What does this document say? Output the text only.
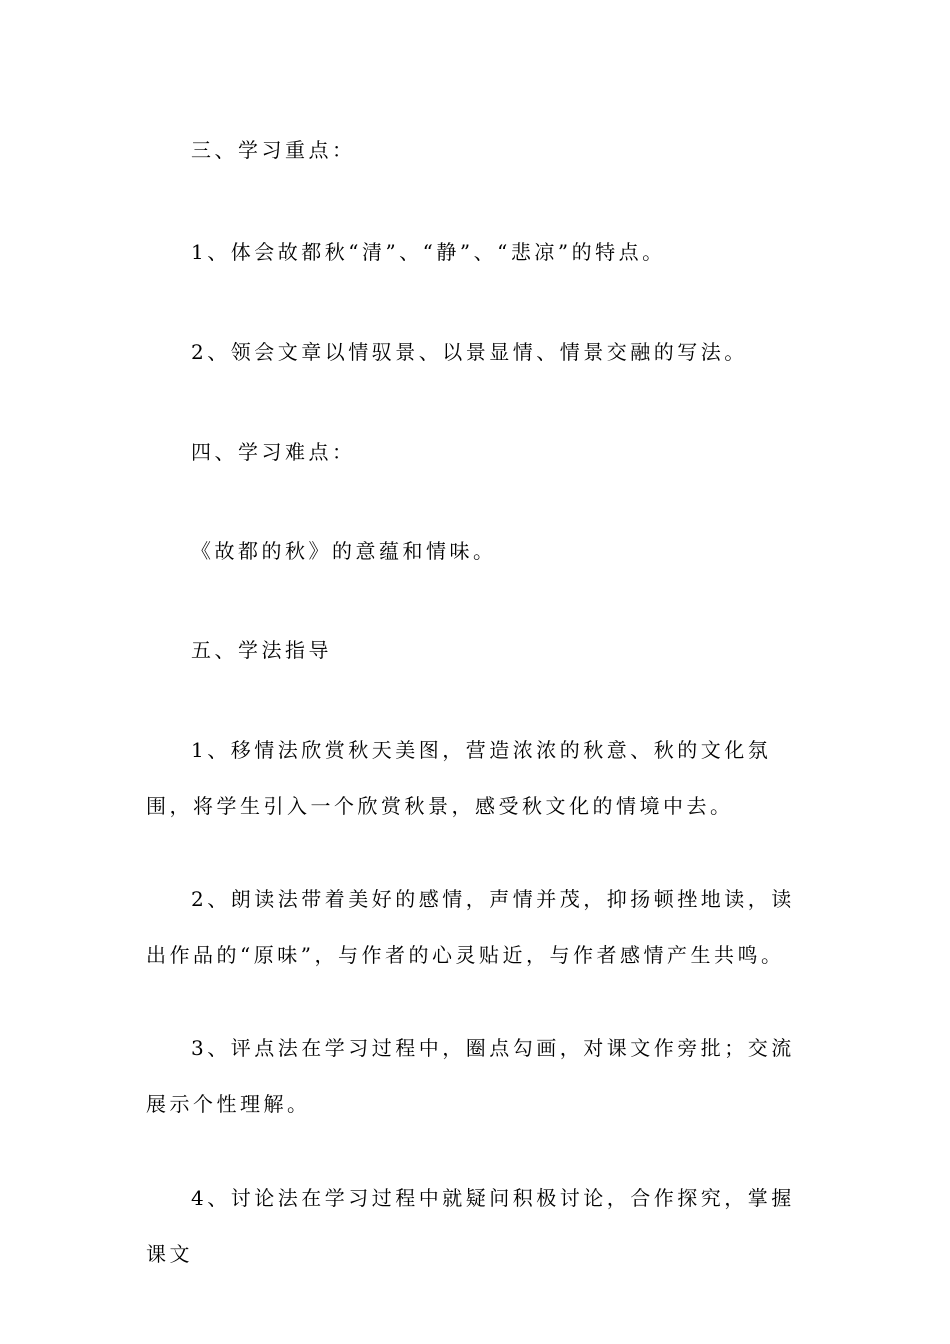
三、学习重点：

1、体会故都秋“清”、“静”、“悲凉”的特点。

2、领会文章以情驭景、以景显情、情景交融的写法。

四、学习难点：

《故都的秋》的意蕴和情味。

五、学法指导

1、移情法欣赏秋天美图，营造浓浓的秋意、秋的文化氛围，将学生引入一个欣赏秋景，感受秋文化的情境中去。

2、朗读法带着美好的感情，声情并茂，抑扬顿挫地读，读出作品的“原味”，与作者的心灵贴近，与作者感情产生共鸣。

3、评点法在学习过程中，圈点勾画，对课文作旁批；交流展示个性理解。

4、讨论法在学习过程中就疑问积极讨论，合作探究，掌握课文
